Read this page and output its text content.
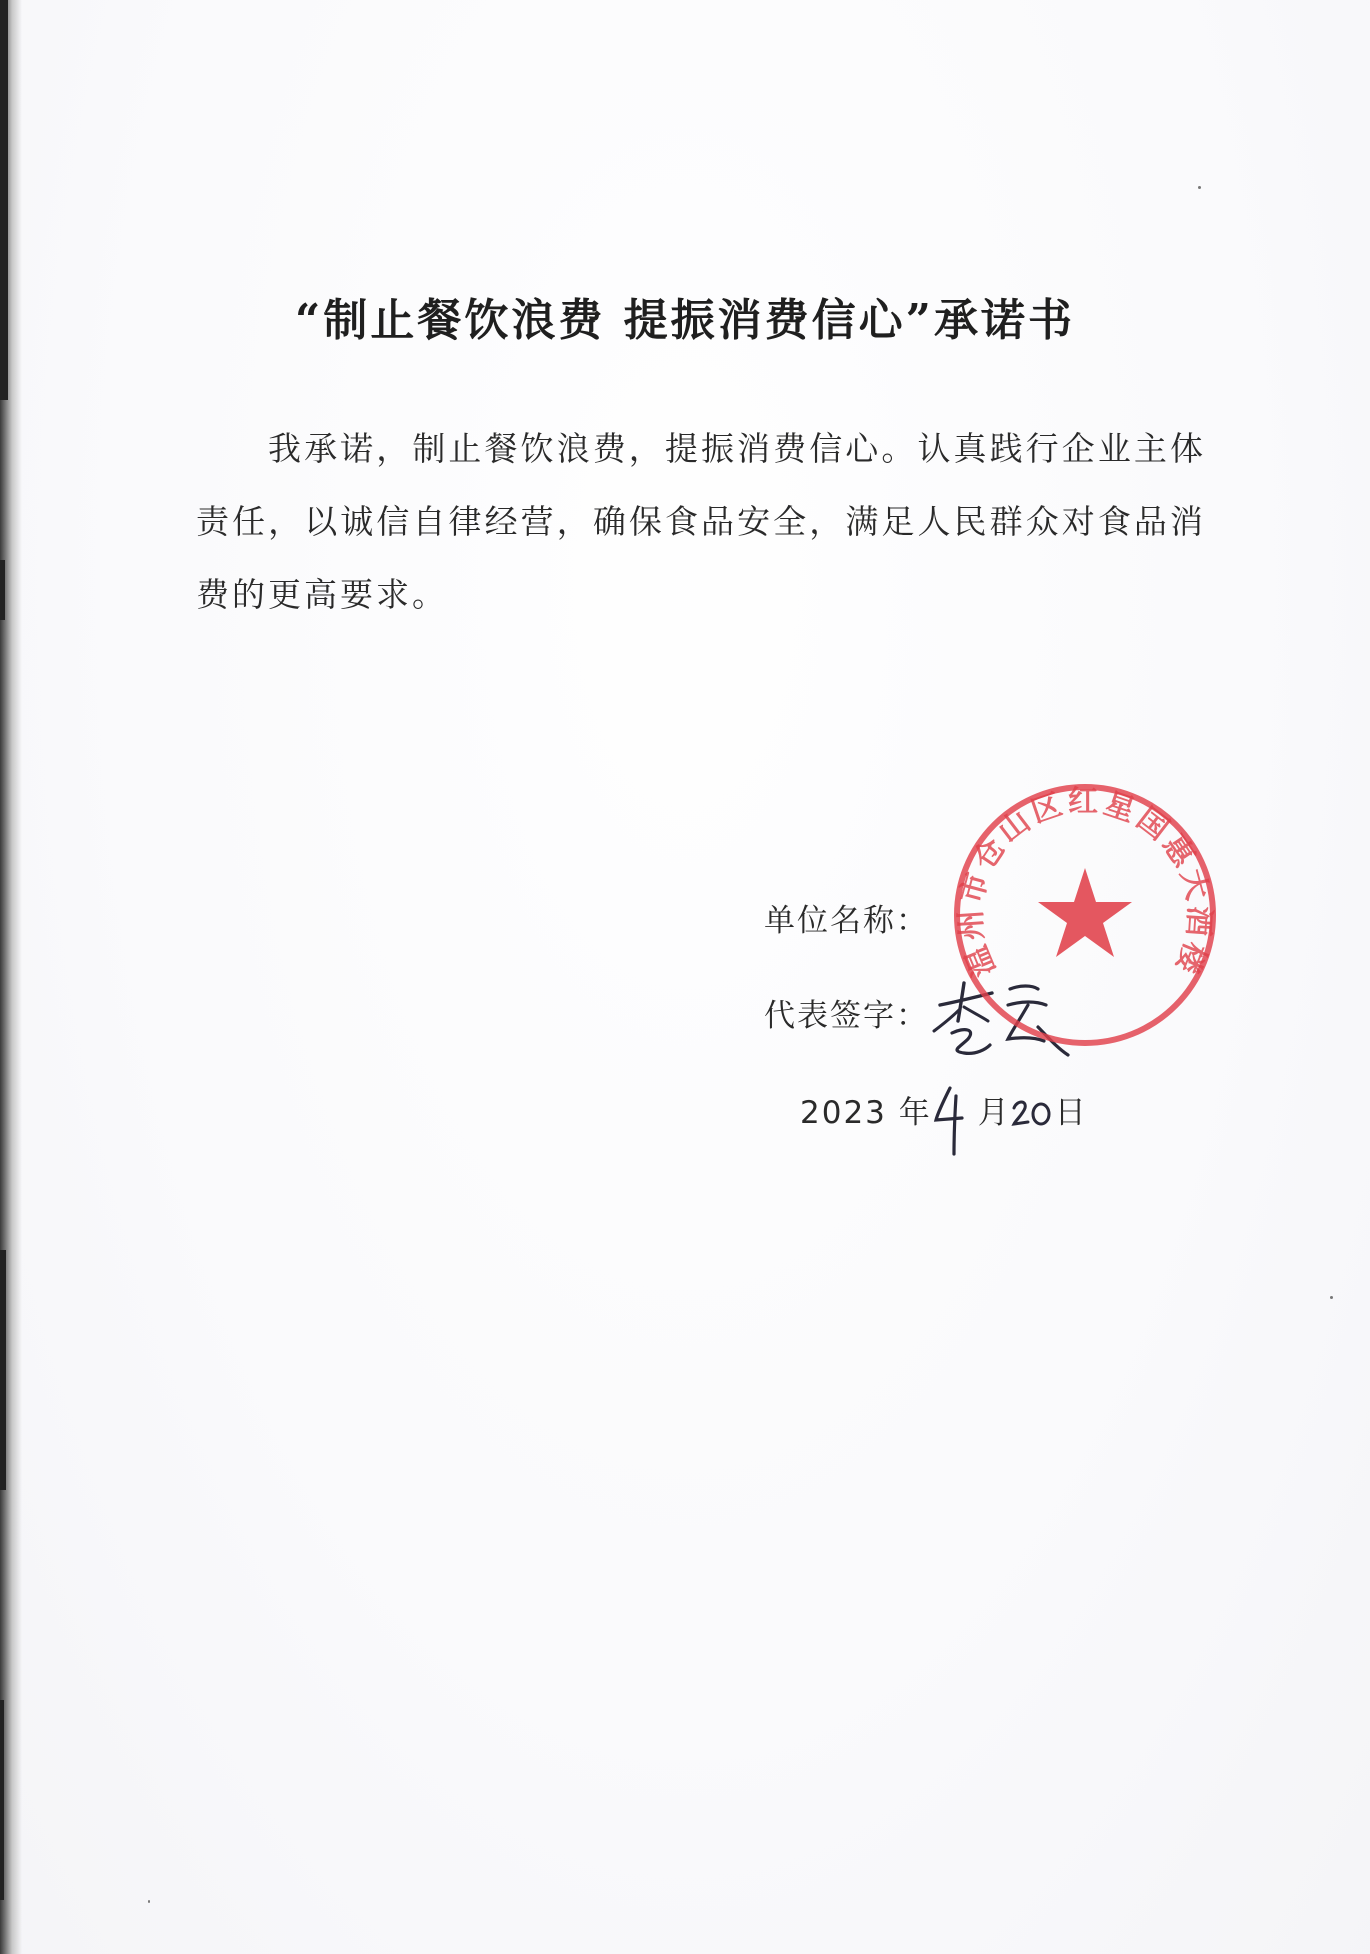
“制止餐饮浪费 提振消费信心”承诺书

我承诺，制止餐饮浪费，提振消费信心。认真践行企业主体责任，以诚信自律经营，确保食品安全，满足人民群众对食品消费的更高要求。

单位名称：
代表签字：
2023 年 月 日
温州市仓山区红星国惠大酒楼
